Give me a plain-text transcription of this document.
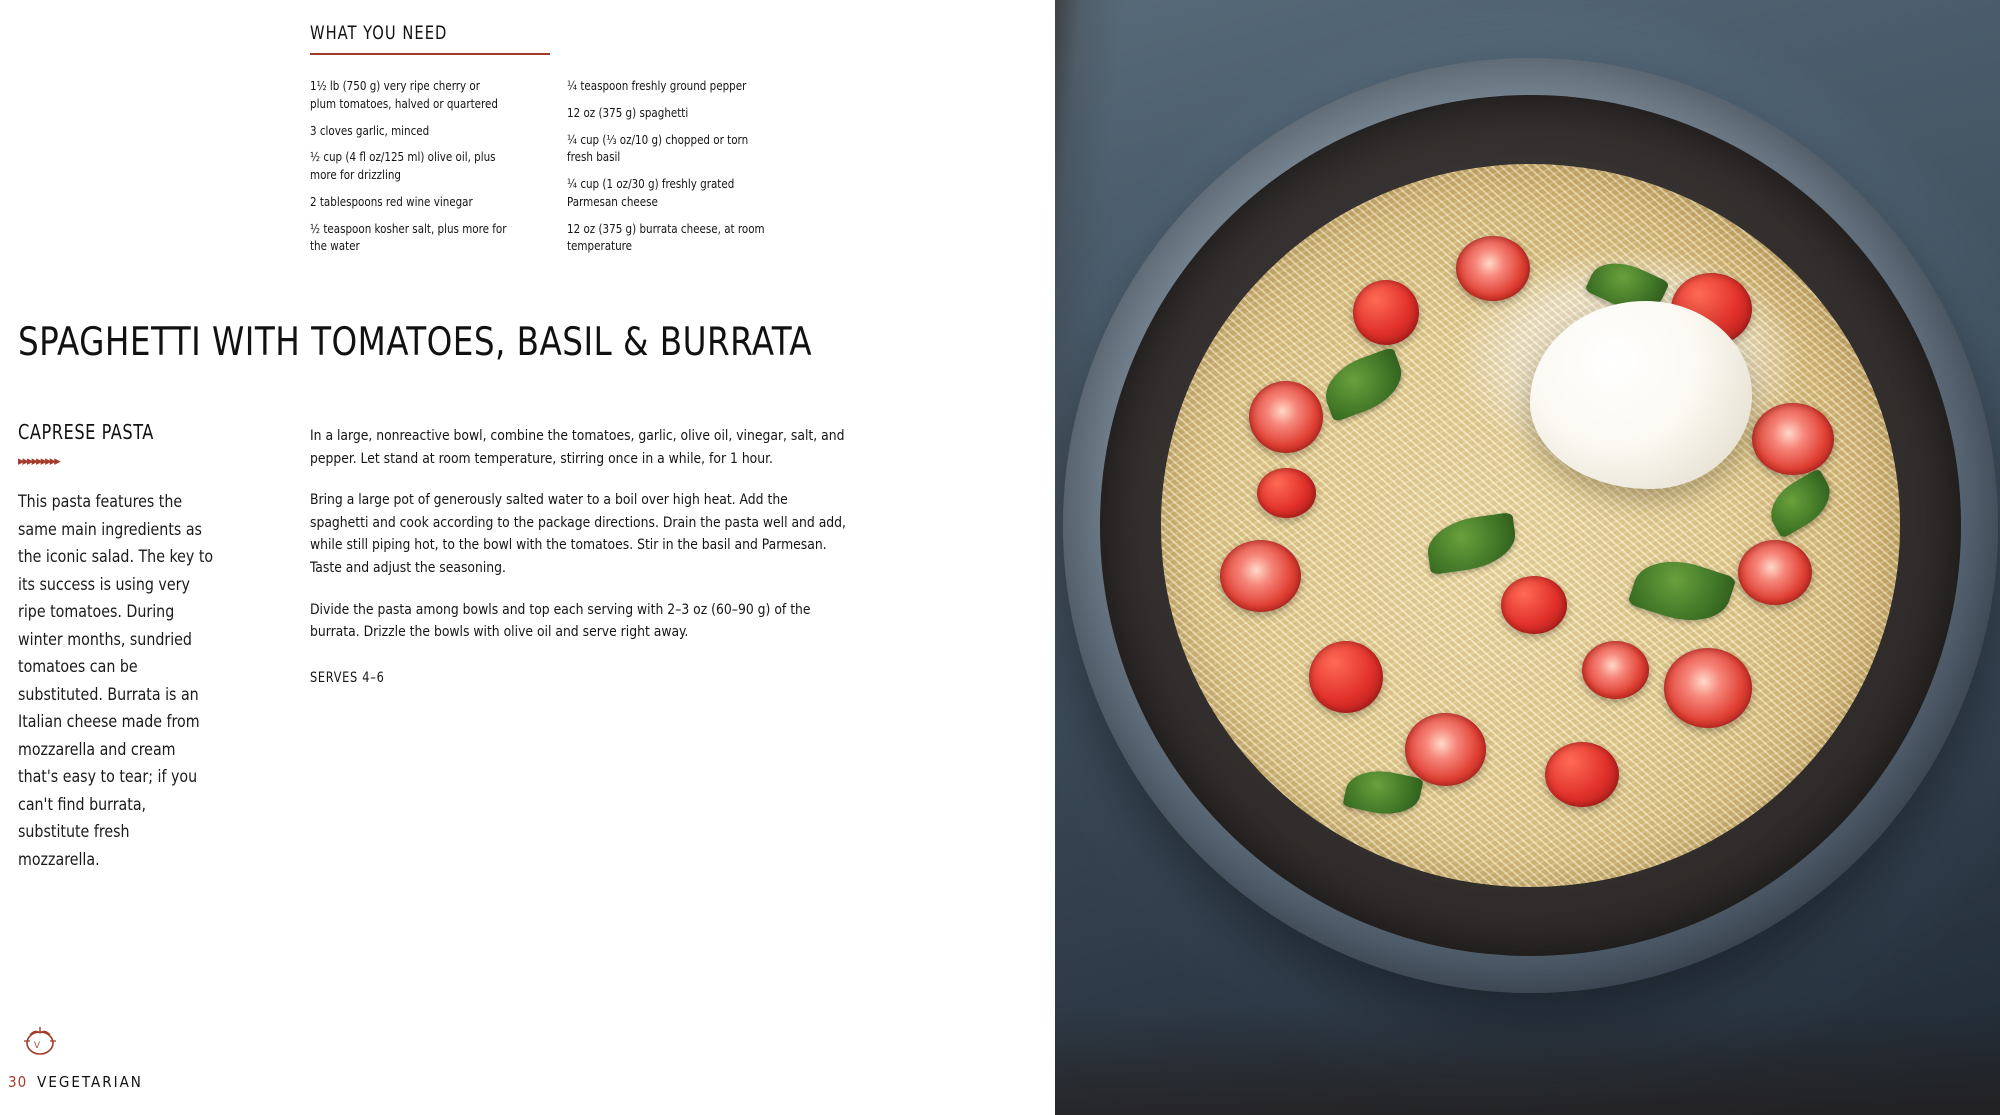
WHAT YOU NEED
1½ lb (750 g) very ripe cherry or plum tomatoes, halved or quartered
3 cloves garlic, minced
½ cup (4 fl oz/125 ml) olive oil, plus more for drizzling
2 tablespoons red wine vinegar
½ teaspoon kosher salt, plus more for the water
¼ teaspoon freshly ground pepper
12 oz (375 g) spaghetti
¼ cup (⅓ oz/10 g) chopped or torn fresh basil
¼ cup (1 oz/30 g) freshly grated Parmesan cheese
12 oz (375 g) burrata cheese, at room temperature
SPAGHETTI WITH TOMATOES, BASIL & BURRATA
CAPRESE PASTA
▸▸▸▸▸▸▸▸▸
This pasta features the same main ingredients as the iconic salad. The key to its success is using very ripe tomatoes. During winter months, sundried tomatoes can be substituted. Burrata is an Italian cheese made from mozzarella and cream that's easy to tear; if you can't find burrata, substitute fresh mozzarella.

In a large, nonreactive bowl, combine the tomatoes, garlic, olive oil, vinegar, salt, and pepper. Let stand at room temperature, stirring once in a while, for 1 hour.

Bring a large pot of generously salted water to a boil over high heat. Add the spaghetti and cook according to the package directions. Drain the pasta well and add, while still piping hot, to the bowl with the tomatoes. Stir in the basil and Parmesan. Taste and adjust the seasoning.

Divide the pasta among bowls and top each serving with 2–3 oz (60–90 g) of the burrata. Drizzle the bowls with olive oil and serve right away.

SERVES 4–6
V
30 VEGETARIAN
